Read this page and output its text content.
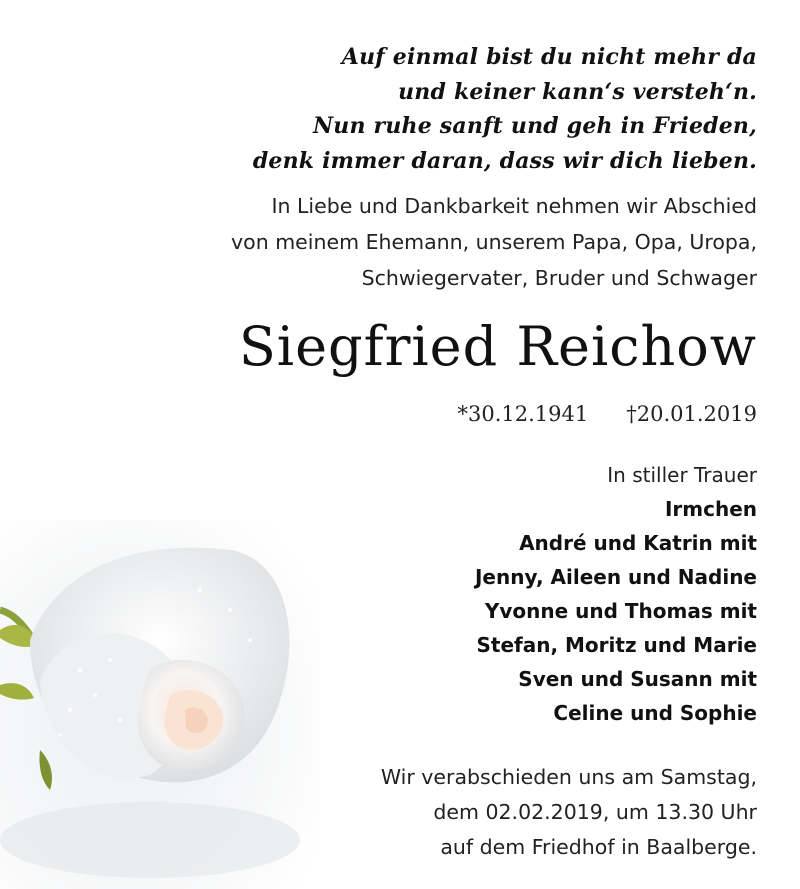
Auf einmal bist du nicht mehr da
und keiner kann‘s versteh‘n.
Nun ruhe sanft und geh in Frieden,
denk immer daran, dass wir dich lieben.
In Liebe und Dankbarkeit nehmen wir Abschied
von meinem Ehemann, unserem Papa, Opa, Uropa,
Schwiegervater, Bruder und Schwager
Siegfried Reichow
*30.12.1941 †20.01.2019
In stiller Trauer
Irmchen
André und Katrin mit
Jenny, Aileen und Nadine
Yvonne und Thomas mit
Stefan, Moritz und Marie
Sven und Susann mit
Celine und Sophie
Wir verabschieden uns am Samstag,
dem 02.02.2019, um 13.30 Uhr
auf dem Friedhof in Baalberge.
